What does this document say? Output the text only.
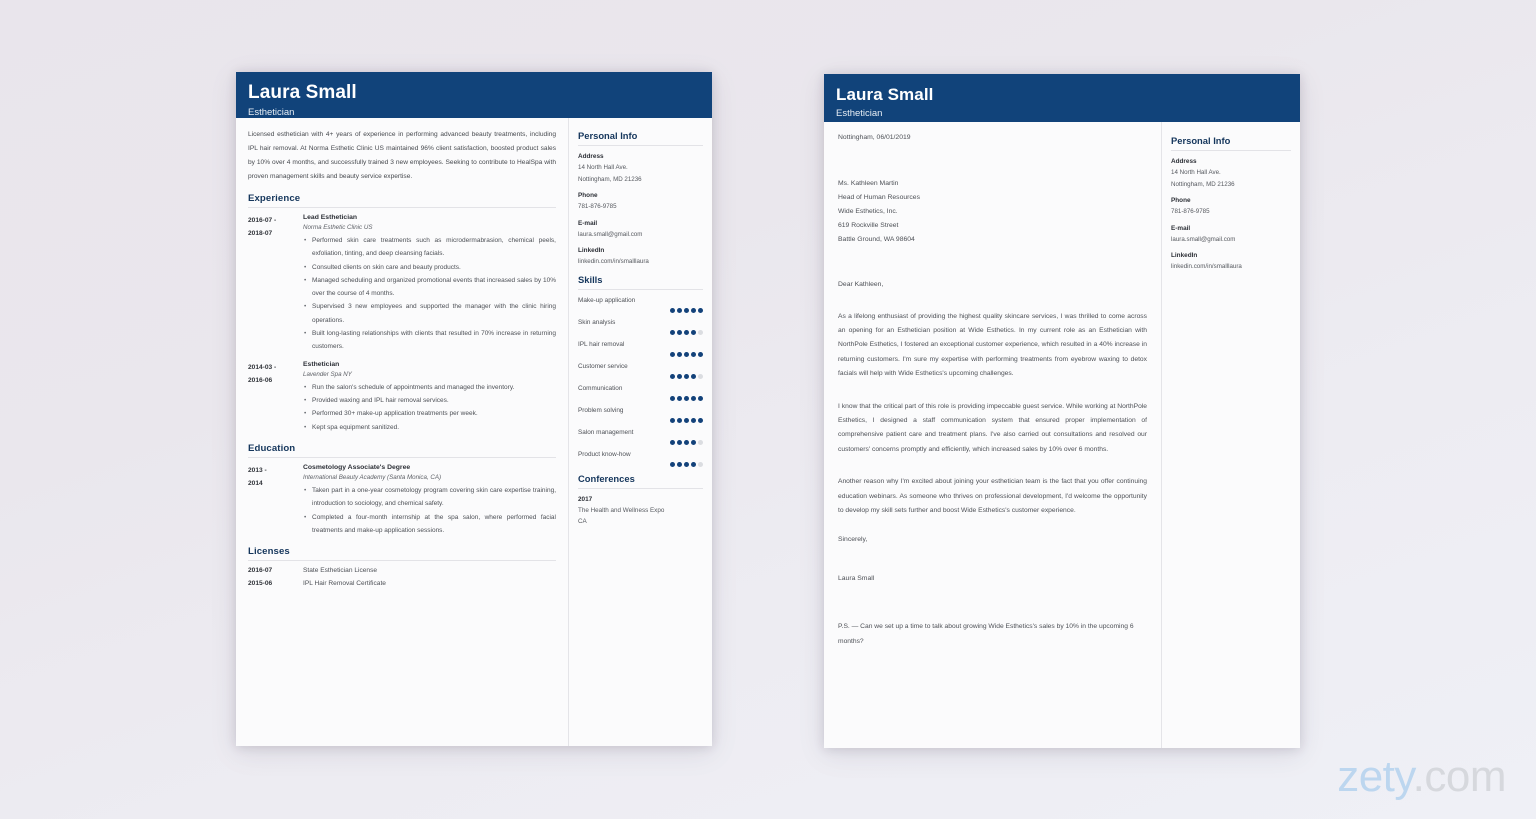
Laura Small
Esthetician

Licensed esthetician with 4+ years of experience in performing advanced beauty treatments, including IPL hair removal. At Norma Esthetic Clinic US maintained 96% client satisfaction, boosted product sales by 10% over 4 months, and successfully trained 3 new employees. Seeking to contribute to HealSpa with proven management skills and beauty service expertise.

Experience
2016-07 -
2018-07
Lead Esthetician
Norma Esthetic Clinic US
• Performed skin care treatments such as microdermabrasion, chemical peels, exfoliation, tinting, and deep cleansing facials.
• Consulted clients on skin care and beauty products.
• Managed scheduling and organized promotional events that increased sales by 10% over the course of 4 months.
• Supervised 3 new employees and supported the manager with the clinic hiring operations.
• Built long-lasting relationships with clients that resulted in 70% increase in returning customers.
2014-03 -
2016-06
Esthetician
Lavender Spa NY
• Run the salon's schedule of appointments and managed the inventory.
• Provided waxing and IPL hair removal services.
• Performed 30+ make-up application treatments per week.
• Kept spa equipment sanitized.
Education
2013 -
2014
Cosmetology Associate's Degree
International Beauty Academy (Santa Monica, CA)
• Taken part in a one-year cosmetology program covering skin care expertise training, introduction to sociology, and chemical safety.
• Completed a four-month internship at the spa salon, where performed facial treatments and make-up application sessions.
Licenses
2016-07	State Esthetician License
2015-06	IPL Hair Removal Certificate
Personal Info
Address
14 North Hall Ave.
Nottingham, MD 21236
Phone
781-876-9785
E-mail
laura.small@gmail.com
LinkedIn
linkedin.com/in/smalllaura
Skills
Make-up application
Skin analysis
IPL hair removal
Customer service
Communication
Problem solving
Salon management
Product know-how
Conferences
2017
The Health and Wellness Expo
CA
Laura Small
Esthetician
Nottingham, 06/01/2019
Ms. Kathleen Martin
Head of Human Resources
Wide Esthetics, Inc.
619 Rockville Street
Battle Ground, WA 98604
Dear Kathleen,

As a lifelong enthusiast of providing the highest quality skincare services, I was thrilled to come across an opening for an Esthetician position at Wide Esthetics. In my current role as an Esthetician with NorthPole Esthetics, I fostered an exceptional customer experience, which resulted in a 40% increase in returning customers. I'm sure my expertise with performing treatments from eyebrow waxing to detox facials will help with Wide Esthetics's upcoming challenges.

I know that the critical part of this role is providing impeccable guest service. While working at NorthPole Esthetics, I designed a staff communication system that ensured proper implementation of comprehensive patient care and treatment plans. I've also carried out consultations and resolved our customers' concerns promptly and efficiently, which increased sales by 10% over 6 months.

Another reason why I'm excited about joining your esthetician team is the fact that you offer continuing education webinars. As someone who thrives on professional development, I'd welcome the opportunity to develop my skill sets further and boost Wide Esthetics's customer experience.

Sincerely,
Laura Small

P.S. — Can we set up a time to talk about growing Wide Esthetics's sales by 10% in the upcoming 6 months?

Personal Info
Address
14 North Hall Ave.
Nottingham, MD 21236
Phone
781-876-9785
E-mail
laura.small@gmail.com
LinkedIn
linkedin.com/in/smalllaura
zety.com
